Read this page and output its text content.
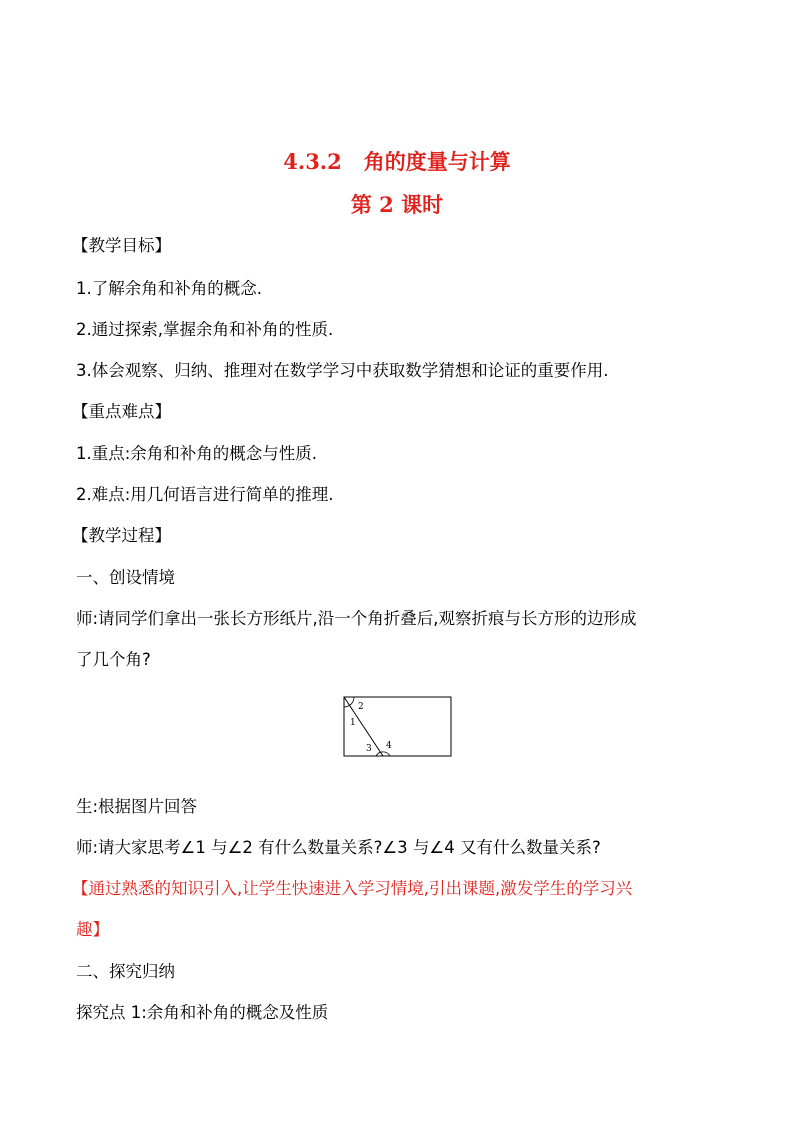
4.3.2 角的度量与计算
第 2 课时
【教学目标】
1.了解余角和补角的概念.
2.通过探索,掌握余角和补角的性质.
3.体会观察、归纳、推理对在数学学习中获取数学猜想和论证的重要作用.
【重点难点】
1.重点:余角和补角的概念与性质.
2.难点:用几何语言进行简单的推理.
【教学过程】
一、创设情境
师:请同学们拿出一张长方形纸片,沿一个角折叠后,观察折痕与长方形的边形成
了几个角?
2
1
3 4
生:根据图片回答
师:请大家思考∠1 与∠2 有什么数量关系?∠3 与∠4 又有什么数量关系?
【通过熟悉的知识引入,让学生快速进入学习情境,引出课题,激发学生的学习兴
趣】
二、探究归纳
探究点 1:余角和补角的概念及性质
